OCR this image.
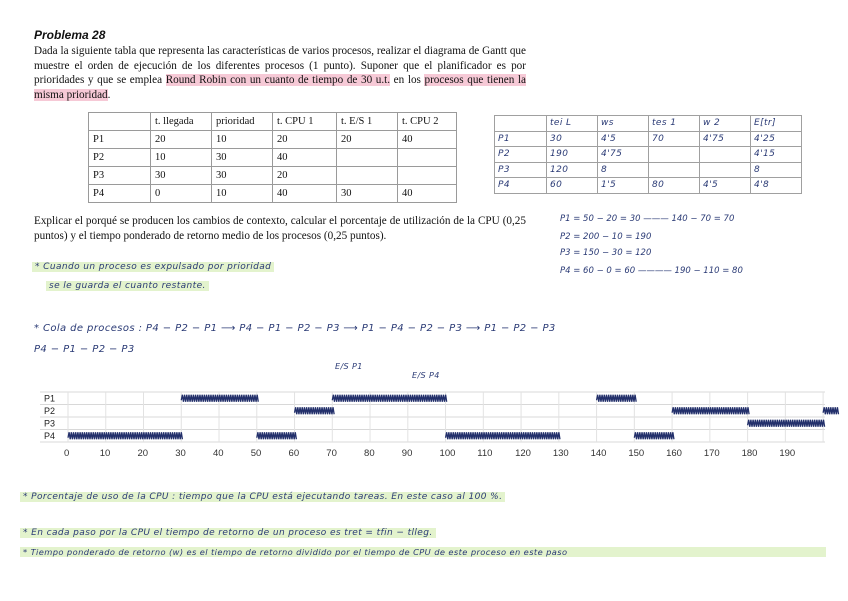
Problema 28
Dada la siguiente tabla que representa las características de varios procesos, realizar el diagrama de Gantt que muestre el orden de ejecución de los diferentes procesos (1 punto). Suponer que el planificador es por prioridades y que se emplea Round Robin con un cuanto de tiempo de 30 u.t. en los procesos que tienen la misma prioridad.
	t. llegada	prioridad	t. CPU 1	t. E/S 1	t. CPU 2
P1	20	10	20	20	40
P2	10	30	40		
P3	30	30	20		
P4	0	10	40	30	40
	tei L	ws	tes 1	w 2	E[tr]
P1	30	4'5	70	4'75	4'25
P2	190	4'75			4'15
P3	120	8			8
P4	60	1'5	80	4'5	4'8
Explicar el porqué se producen los cambios de contexto, calcular el porcentaje de utilización de la CPU (0,25 puntos) y el tiempo ponderado de retorno medio de los procesos (0,25 puntos).
P1 = 50 − 20 = 30 ——— 140 − 70 = 70
P2 = 200 − 10 = 190
P3 = 150 − 30 = 120
P4 = 60 − 0 = 60 ———— 190 − 110 = 80
* Cuando un proceso es expulsado por prioridad
se le guarda el cuanto restante.
* Cola de procesos : P4 − P2 − P1 ⟶ P4 − P1 − P2 − P3 ⟶ P1 − P4 − P2 − P3 ⟶ P1 − P2 − P3
P4 − P1 − P2 − P3
E/S P1
E/S P4
P1
P2
P3
P4
0	10	20	30	40	50	60	70	80	90	100 110 120 130 140 150 160 170 180 190
* Porcentaje de uso de la CPU : tiempo que la CPU está ejecutando tareas. En este caso al 100 %.
* En cada paso por la CPU el tiempo de retorno de un proceso es tret = tfin − tlleg.
* Tiempo ponderado de retorno (w) es el tiempo de retorno dividido por el tiempo de CPU de este proceso en este paso
